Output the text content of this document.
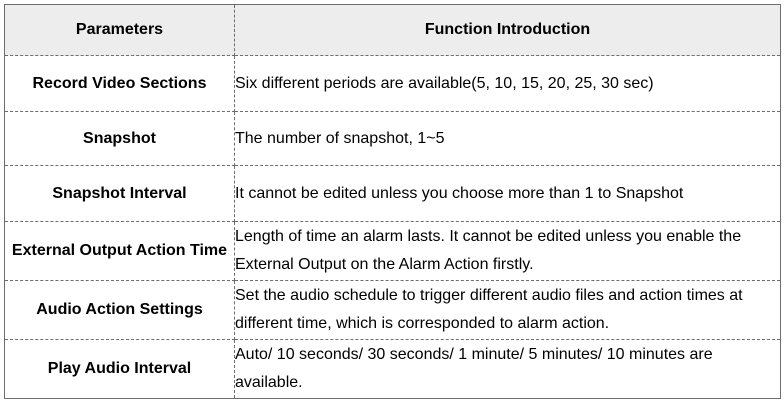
Parameters	Function Introduction
Record Video Sections	Six different periods are available(5, 10, 15, 20, 25, 30 sec)
Snapshot	The number of snapshot, 1~5
Snapshot Interval	It cannot be edited unless you choose more than 1 to Snapshot
External Output Action Time	Length of time an alarm lasts. It cannot be edited unless you enable the External Output on the Alarm Action firstly.
Audio Action Settings	Set the audio schedule to trigger different audio files and action times at different time, which is corresponded to alarm action.
Play Audio Interval	Auto/ 10 seconds/ 30 seconds/ 1 minute/ 5 minutes/ 10 minutes are available.
